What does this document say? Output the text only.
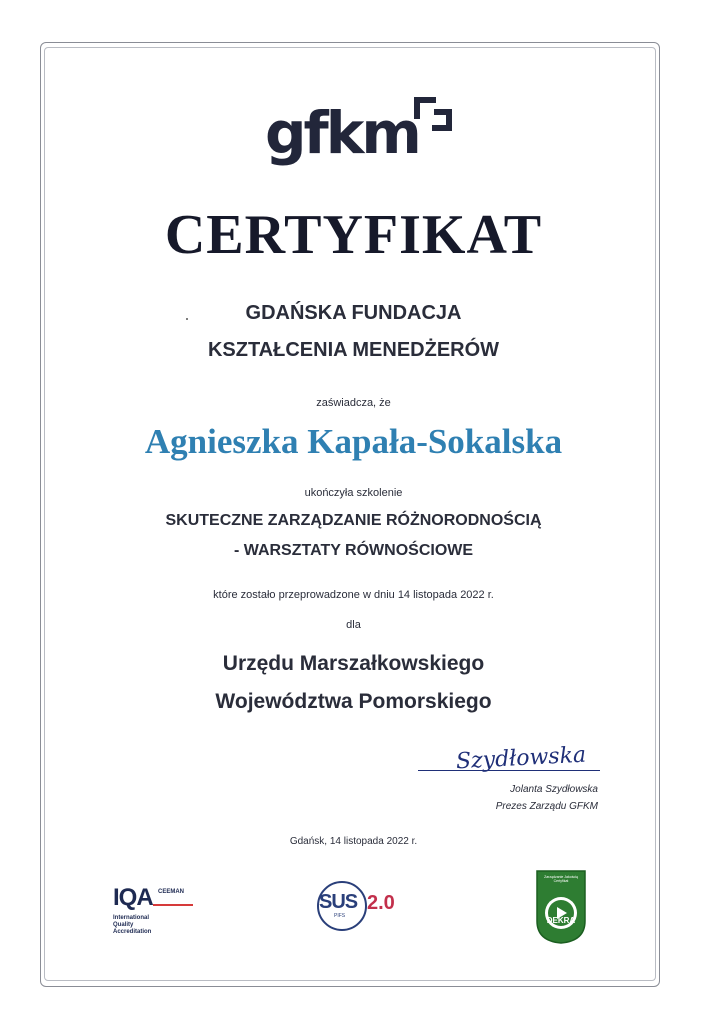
gfkm
CERTYFIKAT
GDAŃSKA FUNDACJA
KSZTAŁCENIA MENEDŻERÓW
zaświadcza, że
Agnieszka Kapała-Sokalska
ukończyła szkolenie
SKUTECZNE ZARZĄDZANIE RÓŻNORODNOŚCIĄ
- WARSZTATY RÓWNOŚCIOWE
które zostało przeprowadzone w dniu 14 listopada 2022 r.
dla
Urzędu Marszałkowskiego
Województwa Pomorskiego
Szydłowska
Jolanta Szydłowska
Prezes Zarządu GFKM
Gdańsk, 14 listopada 2022 r.
IQA CEEMAN
International
Quality
Accreditation
SUS
PIFS
2.0
Zarządzanie Jakością Certyfikat
DEKRA
